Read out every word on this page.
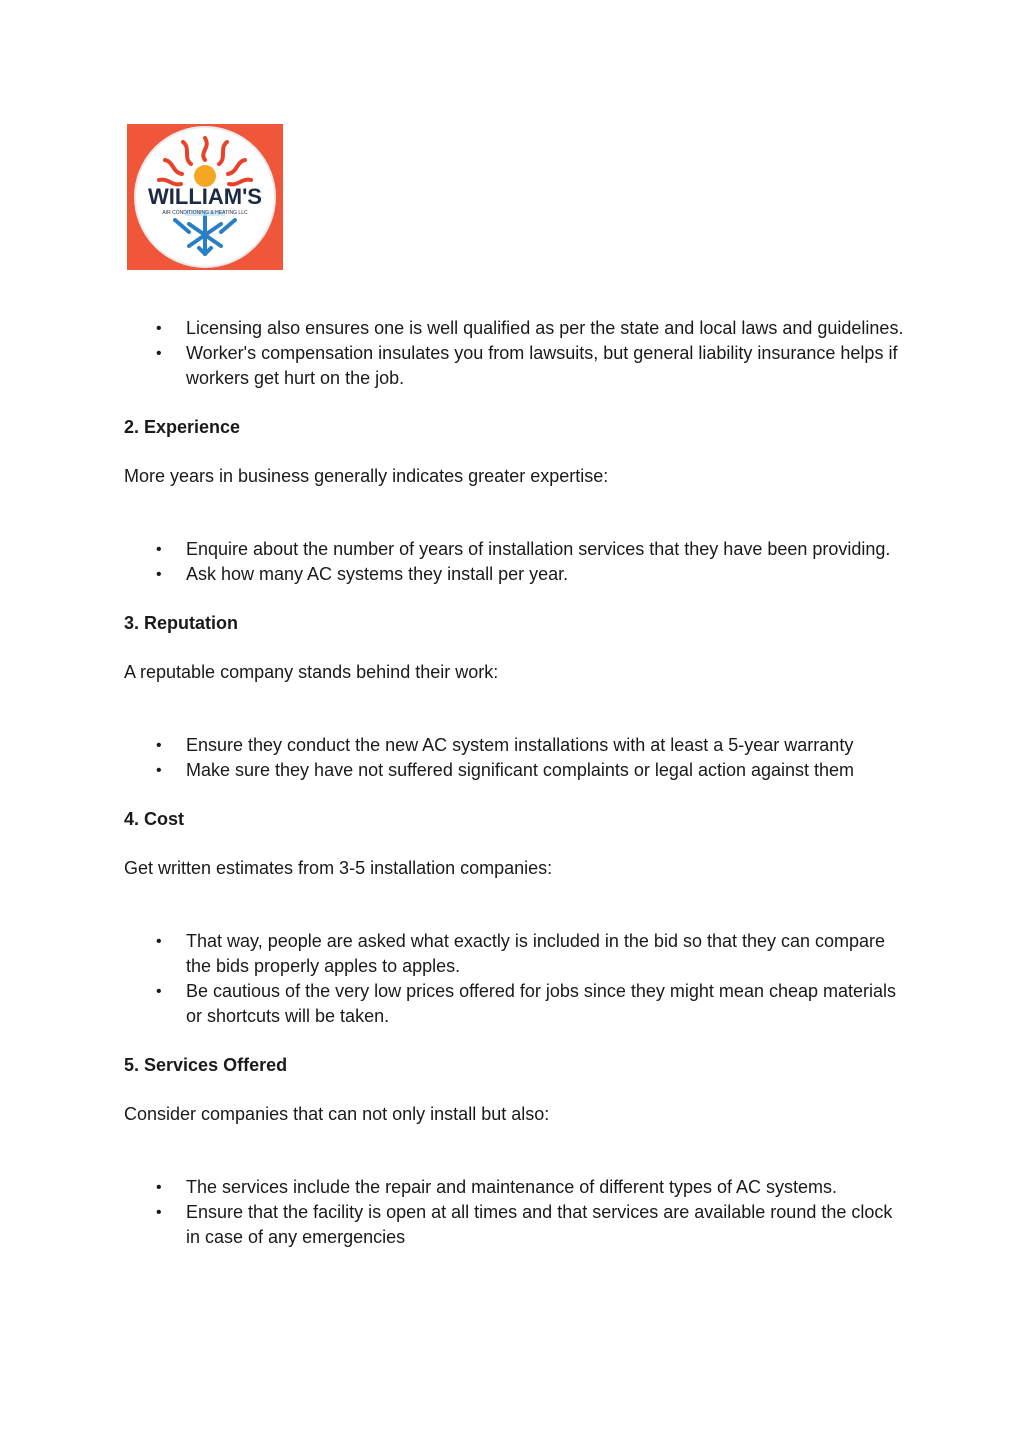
WILLIAM'S
AIR CONDITIONING & HEATING LLC
• Licensing also ensures one is well qualified as per the state and local laws and guidelines.
• Worker's compensation insulates you from lawsuits, but general liability insurance helps if workers get hurt on the job.

2. Experience

More years in business generally indicates greater expertise:

• Enquire about the number of years of installation services that they have been providing.
• Ask how many AC systems they install per year.

3. Reputation

A reputable company stands behind their work:

• Ensure they conduct the new AC system installations with at least a 5-year warranty
• Make sure they have not suffered significant complaints or legal action against them

4. Cost

Get written estimates from 3-5 installation companies:

• That way, people are asked what exactly is included in the bid so that they can compare the bids properly apples to apples.
• Be cautious of the very low prices offered for jobs since they might mean cheap materials or shortcuts will be taken.

5. Services Offered

Consider companies that can not only install but also:

• The services include the repair and maintenance of different types of AC systems.
• Ensure that the facility is open at all times and that services are available round the clock in case of any emergencies
